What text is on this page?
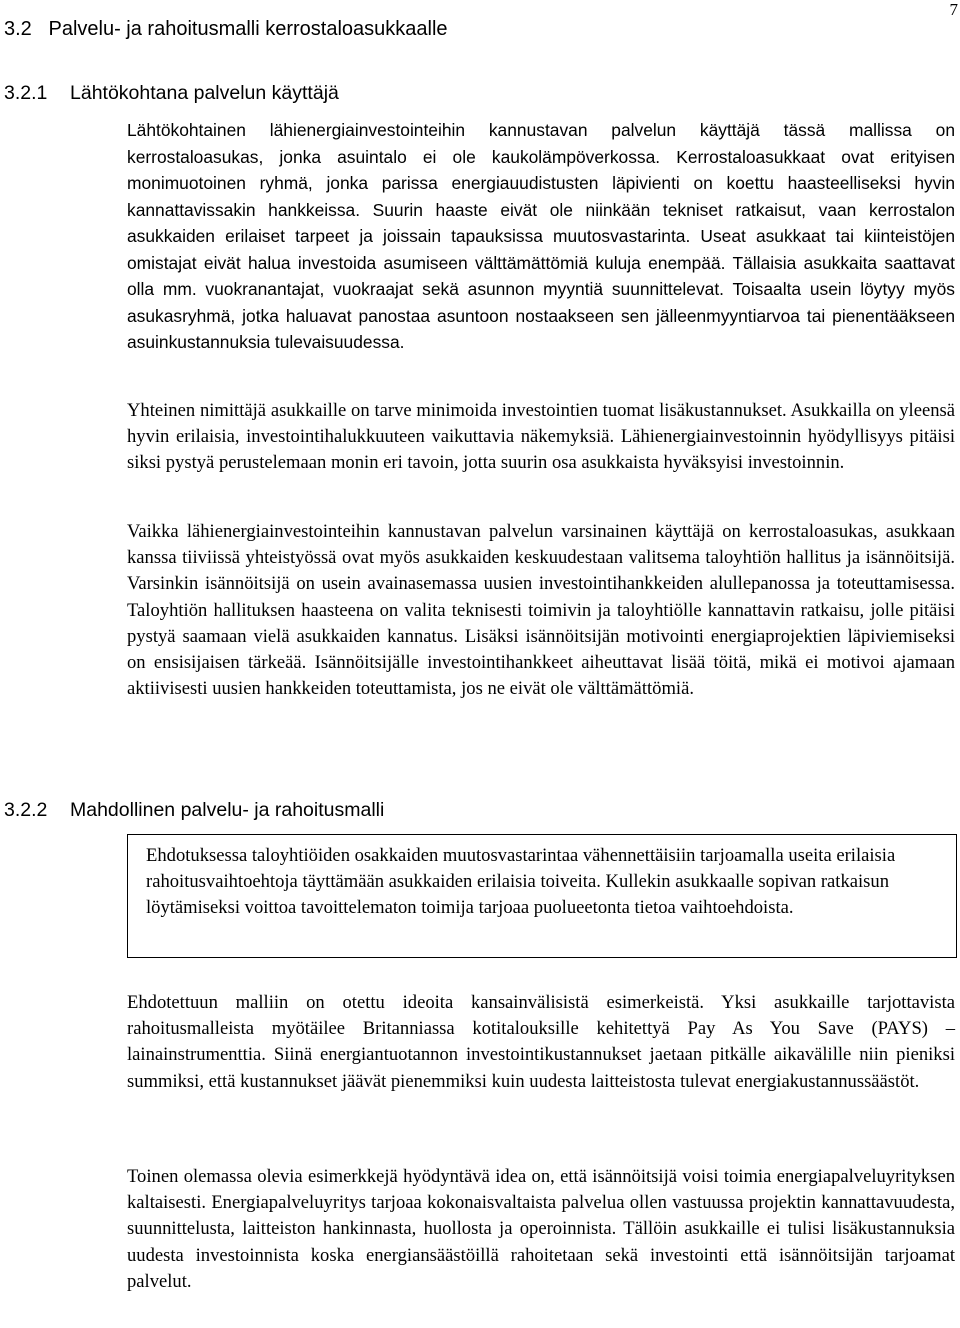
7
3.2 Palvelu- ja rahoitusmalli kerrostaloasukkaalle
3.2.1 Lähtökohtana palvelun käyttäjä

Lähtökohtainen lähienergiainvestointeihin kannustavan palvelun käyttäjä tässä mallissa on kerrostaloasukas, jonka asuintalo ei ole kaukolämpöverkossa. Kerrostaloasukkaat ovat erityisen monimuotoinen ryhmä, jonka parissa energiauudistusten läpivienti on koettu haasteelliseksi hyvin kannattavissakin hankkeissa. Suurin haaste eivät ole niinkään tekniset ratkaisut, vaan kerrostalon asukkaiden erilaiset tarpeet ja joissain tapauksissa muutosvastarinta. Useat asukkaat tai kiinteistöjen omistajat eivät halua investoida asumiseen välttämättömiä kuluja enempää. Tällaisia asukkaita saattavat olla mm. vuokranantajat, vuokraajat sekä asunnon myyntiä suunnittelevat. Toisaalta usein löytyy myös asukasryhmä, jotka haluavat panostaa asuntoon nostaakseen sen jälleenmyyntiarvoa tai pienentääkseen asuinkustannuksia tulevaisuudessa.

Yhteinen nimittäjä asukkaille on tarve minimoida investointien tuomat lisäkustannukset. Asukkailla on yleensä hyvin erilaisia, investointihalukkuuteen vaikuttavia näkemyksiä. Lähienergiainvestoinnin hyödyllisyys pitäisi siksi pystyä perustelemaan monin eri tavoin, jotta suurin osa asukkaista hyväksyisi investoinnin.

Vaikka lähienergiainvestointeihin kannustavan palvelun varsinainen käyttäjä on kerrostaloasukas, asukkaan kanssa tiiviissä yhteistyössä ovat myös asukkaiden keskuudestaan valitsema taloyhtiön hallitus ja isännöitsijä. Varsinkin isännöitsijä on usein avainasemassa uusien investointihankkeiden alullepanossa ja toteuttamisessa. Taloyhtiön hallituksen haasteena on valita teknisesti toimivin ja taloyhtiölle kannattavin ratkaisu, jolle pitäisi pystyä saamaan vielä asukkaiden kannatus. Lisäksi isännöitsijän motivointi energiaprojektien läpiviemiseksi on ensisijaisen tärkeää. Isännöitsijälle investointihankkeet aiheuttavat lisää töitä, mikä ei motivoi ajamaan aktiivisesti uusien hankkeiden toteuttamista, jos ne eivät ole välttämättömiä.

3.2.2 Mahdollinen palvelu- ja rahoitusmalli

Ehdotuksessa taloyhtiöiden osakkaiden muutosvastarintaa vähennettäisiin tarjoamalla useita erilaisia rahoitusvaihtoehtoja täyttämään asukkaiden erilaisia toiveita. Kullekin asukkaalle sopivan ratkaisun löytämiseksi voittoa tavoittelematon toimija tarjoaa puolueetonta tietoa vaihtoehdoista.

Ehdotettuun malliin on otettu ideoita kansainvälisistä esimerkeistä. Yksi asukkaille tarjottavista rahoitusmalleista myötäilee Britanniassa kotitalouksille kehitettyä Pay As You Save (PAYS) – lainainstrumenttia. Siinä energiantuotannon investointikustannukset jaetaan pitkälle aikavälille niin pieniksi summiksi, että kustannukset jäävät pienemmiksi kuin uudesta laitteistosta tulevat energiakustannussäästöt.

Toinen olemassa olevia esimerkkejä hyödyntävä idea on, että isännöitsijä voisi toimia energiapalveluyrityksen kaltaisesti. Energiapalveluyritys tarjoaa kokonaisvaltaista palvelua ollen vastuussa projektin kannattavuudesta, suunnittelusta, laitteiston hankinnasta, huollosta ja operoinnista. Tällöin asukkaille ei tulisi lisäkustannuksia uudesta investoinnista koska energiansäästöillä rahoitetaan sekä investointi että isännöitsijän tarjoamat palvelut.
